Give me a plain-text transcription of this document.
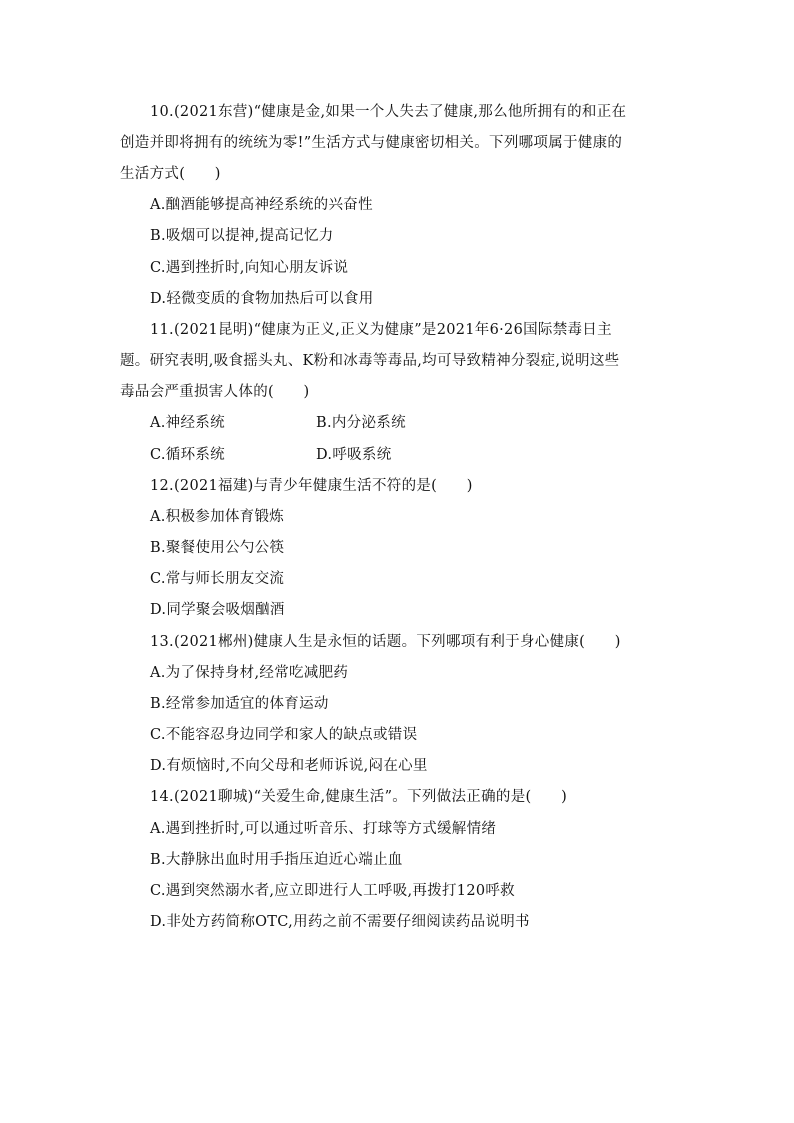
10.(2021东营)“健康是金,如果一个人失去了健康,那么他所拥有的和正在
创造并即将拥有的统统为零!”生活方式与健康密切相关。下列哪项属于健康的
生活方式(　　)
A.酗酒能够提高神经系统的兴奋性
B.吸烟可以提神,提高记忆力
C.遇到挫折时,向知心朋友诉说
D.轻微变质的食物加热后可以食用
11.(2021昆明)“健康为正义,正义为健康”是2021年6·26国际禁毒日主
题。研究表明,吸食摇头丸、K粉和冰毒等毒品,均可导致精神分裂症,说明这些
毒品会严重损害人体的(　　)
A.神经系统	B.内分泌系统
C.循环系统	D.呼吸系统
12.(2021福建)与青少年健康生活不符的是(　　)
A.积极参加体育锻炼
B.聚餐使用公勺公筷
C.常与师长朋友交流
D.同学聚会吸烟酗酒
13.(2021郴州)健康人生是永恒的话题。下列哪项有利于身心健康(　　)
A.为了保持身材,经常吃减肥药
B.经常参加适宜的体育运动
C.不能容忍身边同学和家人的缺点或错误
D.有烦恼时,不向父母和老师诉说,闷在心里
14.(2021聊城)“关爱生命,健康生活”。下列做法正确的是(　　)
A.遇到挫折时,可以通过听音乐、打球等方式缓解情绪
B.大静脉出血时用手指压迫近心端止血
C.遇到突然溺水者,应立即进行人工呼吸,再拨打120呼救
D.非处方药简称OTC,用药之前不需要仔细阅读药品说明书
